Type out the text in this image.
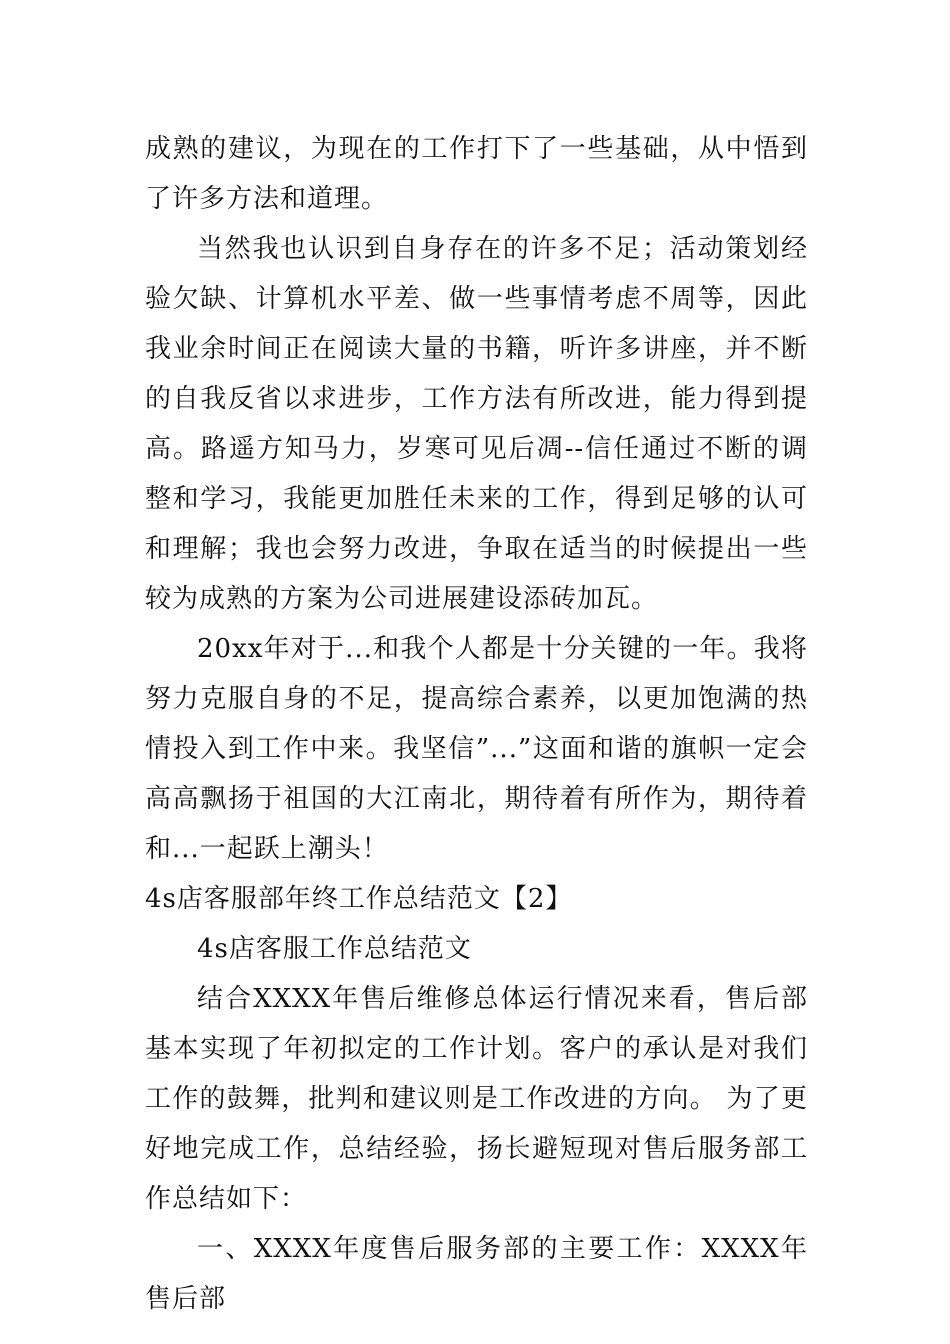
成熟的建议，为现在的工作打下了一些基础，从中悟到了许多方法和道理。

当然我也认识到自身存在的许多不足；活动策划经验欠缺、计算机水平差、做一些事情考虑不周等，因此我业余时间正在阅读大量的书籍，听许多讲座，并不断的自我反省以求进步，工作方法有所改进，能力得到提高。路遥方知马力，岁寒可见后凋--信任通过不断的调整和学习，我能更加胜任未来的工作，得到足够的认可和理解；我也会努力改进，争取在适当的时候提出一些较为成熟的方案为公司进展建设添砖加瓦。

20xx年对于...和我个人都是十分关键的一年。我将努力克服自身的不足，提高综合素养，以更加饱满的热情投入到工作中来。我坚信”...”这面和谐的旗帜一定会高高飘扬于祖国的大江南北，期待着有所作为，期待着和...一起跃上潮头！

4s店客服部年终工作总结范文【2】

4s店客服工作总结范文

结合XXXX年售后维修总体运行情况来看，售后部基本实现了年初拟定的工作计划。客户的承认是对我们工作的鼓舞，批判和建议则是工作改进的方向。 为了更好地完成工作，总结经验，扬长避短现对售后服务部工作总结如下：

一、XXXX年度售后服务部的主要工作：XXXX年售后部
